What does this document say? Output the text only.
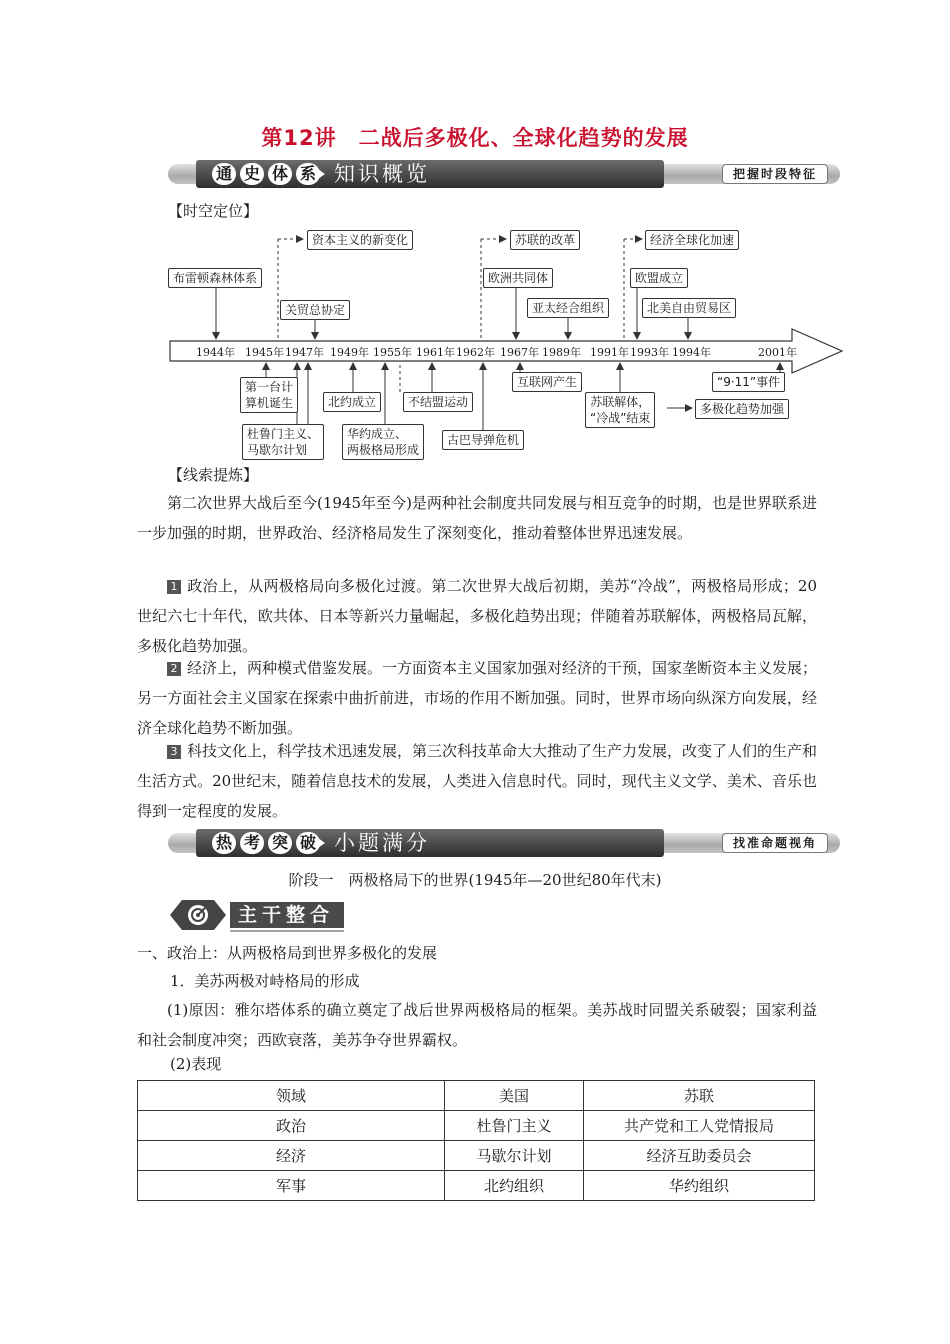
第12讲　二战后多极化、全球化趋势的发展
通 史 体 系 知识概览	把握时段特征
【时空定位】
资本主义的新变化	苏联的改革	经济全球化加速
布雷顿森林体系	欧洲共同体	欧盟成立
关贸总协定	亚太经合组织	北美自由贸易区
1944年 1945年 1947年 1949年 1955年 1961年 1962年 1967年 1989年 1991年 1993年 1994年	2001年
第一台计
算机诞生
杜鲁门主义、
马歇尔计划
北约成立
华约成立、
两极格局形成
不结盟运动
古巴导弹危机
互联网产生
苏联解体，
“冷战”结束
多极化趋势加强
“9·11”事件
【线索提炼】
第二次世界大战后至今(1945年至今)是两种社会制度共同发展与相互竞争的时期，也是世界联系进一步加强的时期，世界政治、经济格局发生了深刻变化，推动着整体世界迅速发展。
1 政治上，从两极格局向多极化过渡。第二次世界大战后初期，美苏“冷战”，两极格局形成；20世纪六七十年代，欧共体、日本等新兴力量崛起，多极化趋势出现；伴随着苏联解体，两极格局瓦解，多极化趋势加强。
2 经济上，两种模式借鉴发展。一方面资本主义国家加强对经济的干预，国家垄断资本主义发展；另一方面社会主义国家在探索中曲折前进，市场的作用不断加强。同时，世界市场向纵深方向发展，经济全球化趋势不断加强。
3 科技文化上，科学技术迅速发展，第三次科技革命大大推动了生产力发展，改变了人们的生产和生活方式。20世纪末，随着信息技术的发展，人类进入信息时代。同时，现代主义文学、美术、音乐也得到一定程度的发展。
热 考 突 破 小题满分	找准命题视角
阶段一　两极格局下的世界(1945年—20世纪80年代末)
主干整合
一、政治上：从两极格局到世界多极化的发展
1．美苏两极对峙格局的形成
(1)原因：雅尔塔体系的确立奠定了战后世界两极格局的框架。美苏战时同盟关系破裂；国家利益和社会制度冲突；西欧衰落，美苏争夺世界霸权。
(2)表现
领域	美国	苏联
政治	杜鲁门主义	共产党和工人党情报局
经济	马歇尔计划	经济互助委员会
军事	北约组织	华约组织
